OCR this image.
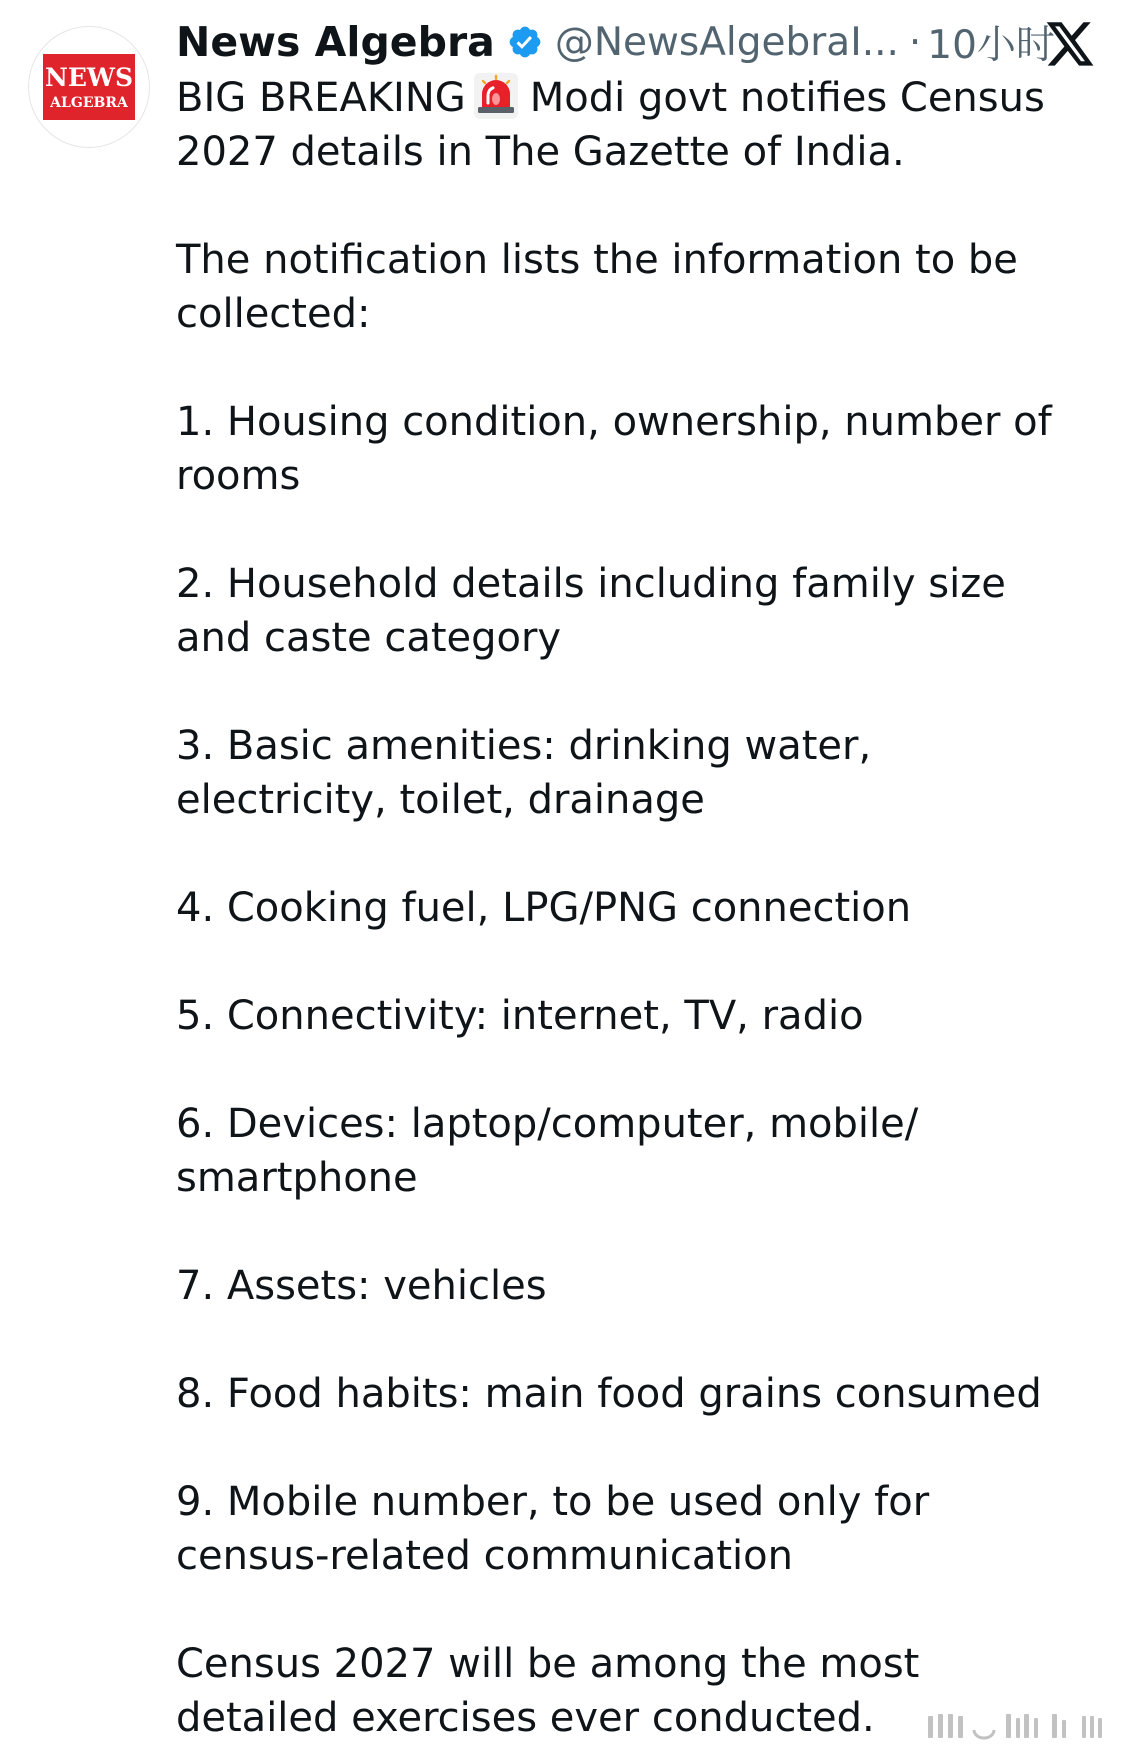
NEWS
ALGEBRA
News Algebra @NewsAlgebraI... · 10小时

BIG BREAKING Modi govt notifies Census 2027 details in The Gazette of India.

The notification lists the information to be collected:

1. Housing condition, ownership, number of rooms

2. Household details including family size and caste category

3. Basic amenities: drinking water, electricity, toilet, drainage

4. Cooking fuel, LPG/PNG connection

5. Connectivity: internet, TV, radio

6. Devices: laptop/computer, mobile/ smartphone

7. Assets: vehicles

8. Food habits: main food grains consumed

9. Mobile number, to be used only for census-related communication

Census 2027 will be among the most detailed exercises ever conducted.
